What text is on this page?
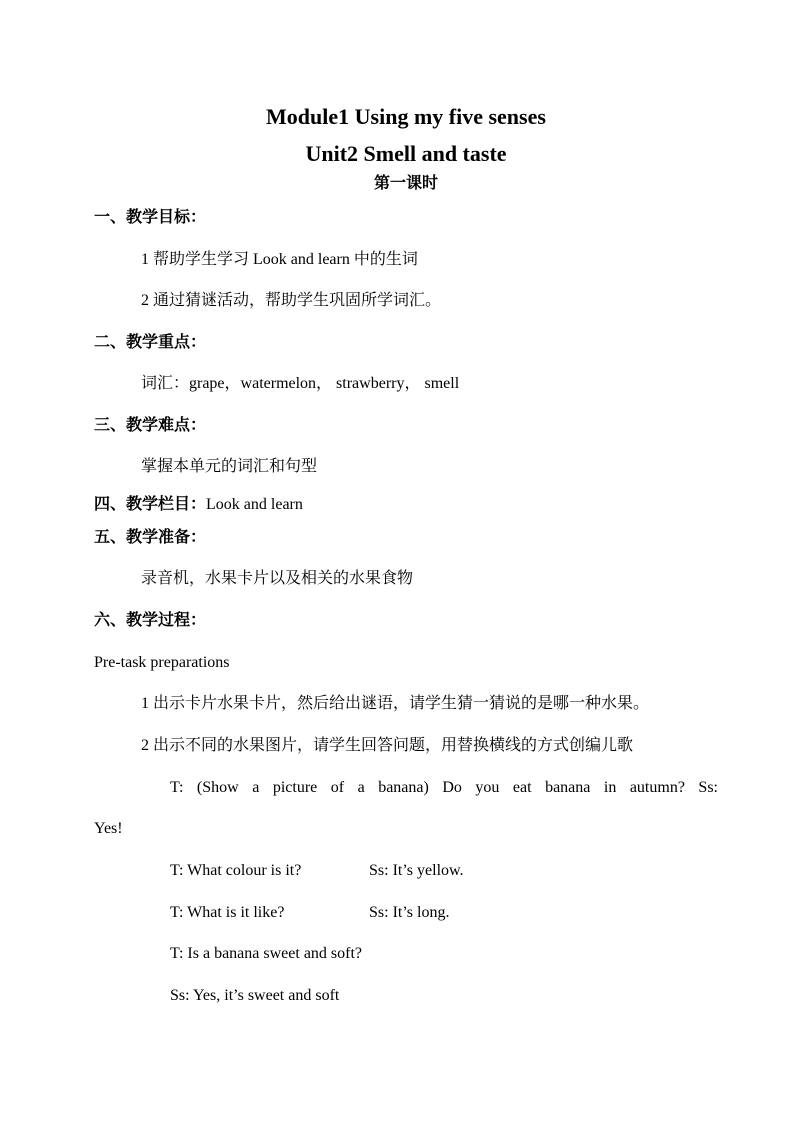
Module1 Using my five senses
Unit2 Smell and taste
第一课时
一、教学目标：
1 帮助学生学习 Look and learn 中的生词
2 通过猜谜活动，帮助学生巩固所学词汇。
二、教学重点：
词汇：grape，watermelon， strawberry， smell
三、教学难点：
掌握本单元的词汇和句型
四、教学栏目：Look and learn
五、教学准备：
录音机，水果卡片以及相关的水果食物
六、教学过程：
Pre-task preparations
1 出示卡片水果卡片，然后给出谜语，请学生猜一猜说的是哪一种水果。
2 出示不同的水果图片，请学生回答问题，用替换横线的方式创编儿歌
T: (Show a picture of a banana) Do you eat banana in autumn? Ss:
Yes!
T: What colour is it?	Ss: It’s yellow.
T: What is it like?	Ss: It’s long.
T: Is a banana sweet and soft?
Ss: Yes, it’s sweet and soft
